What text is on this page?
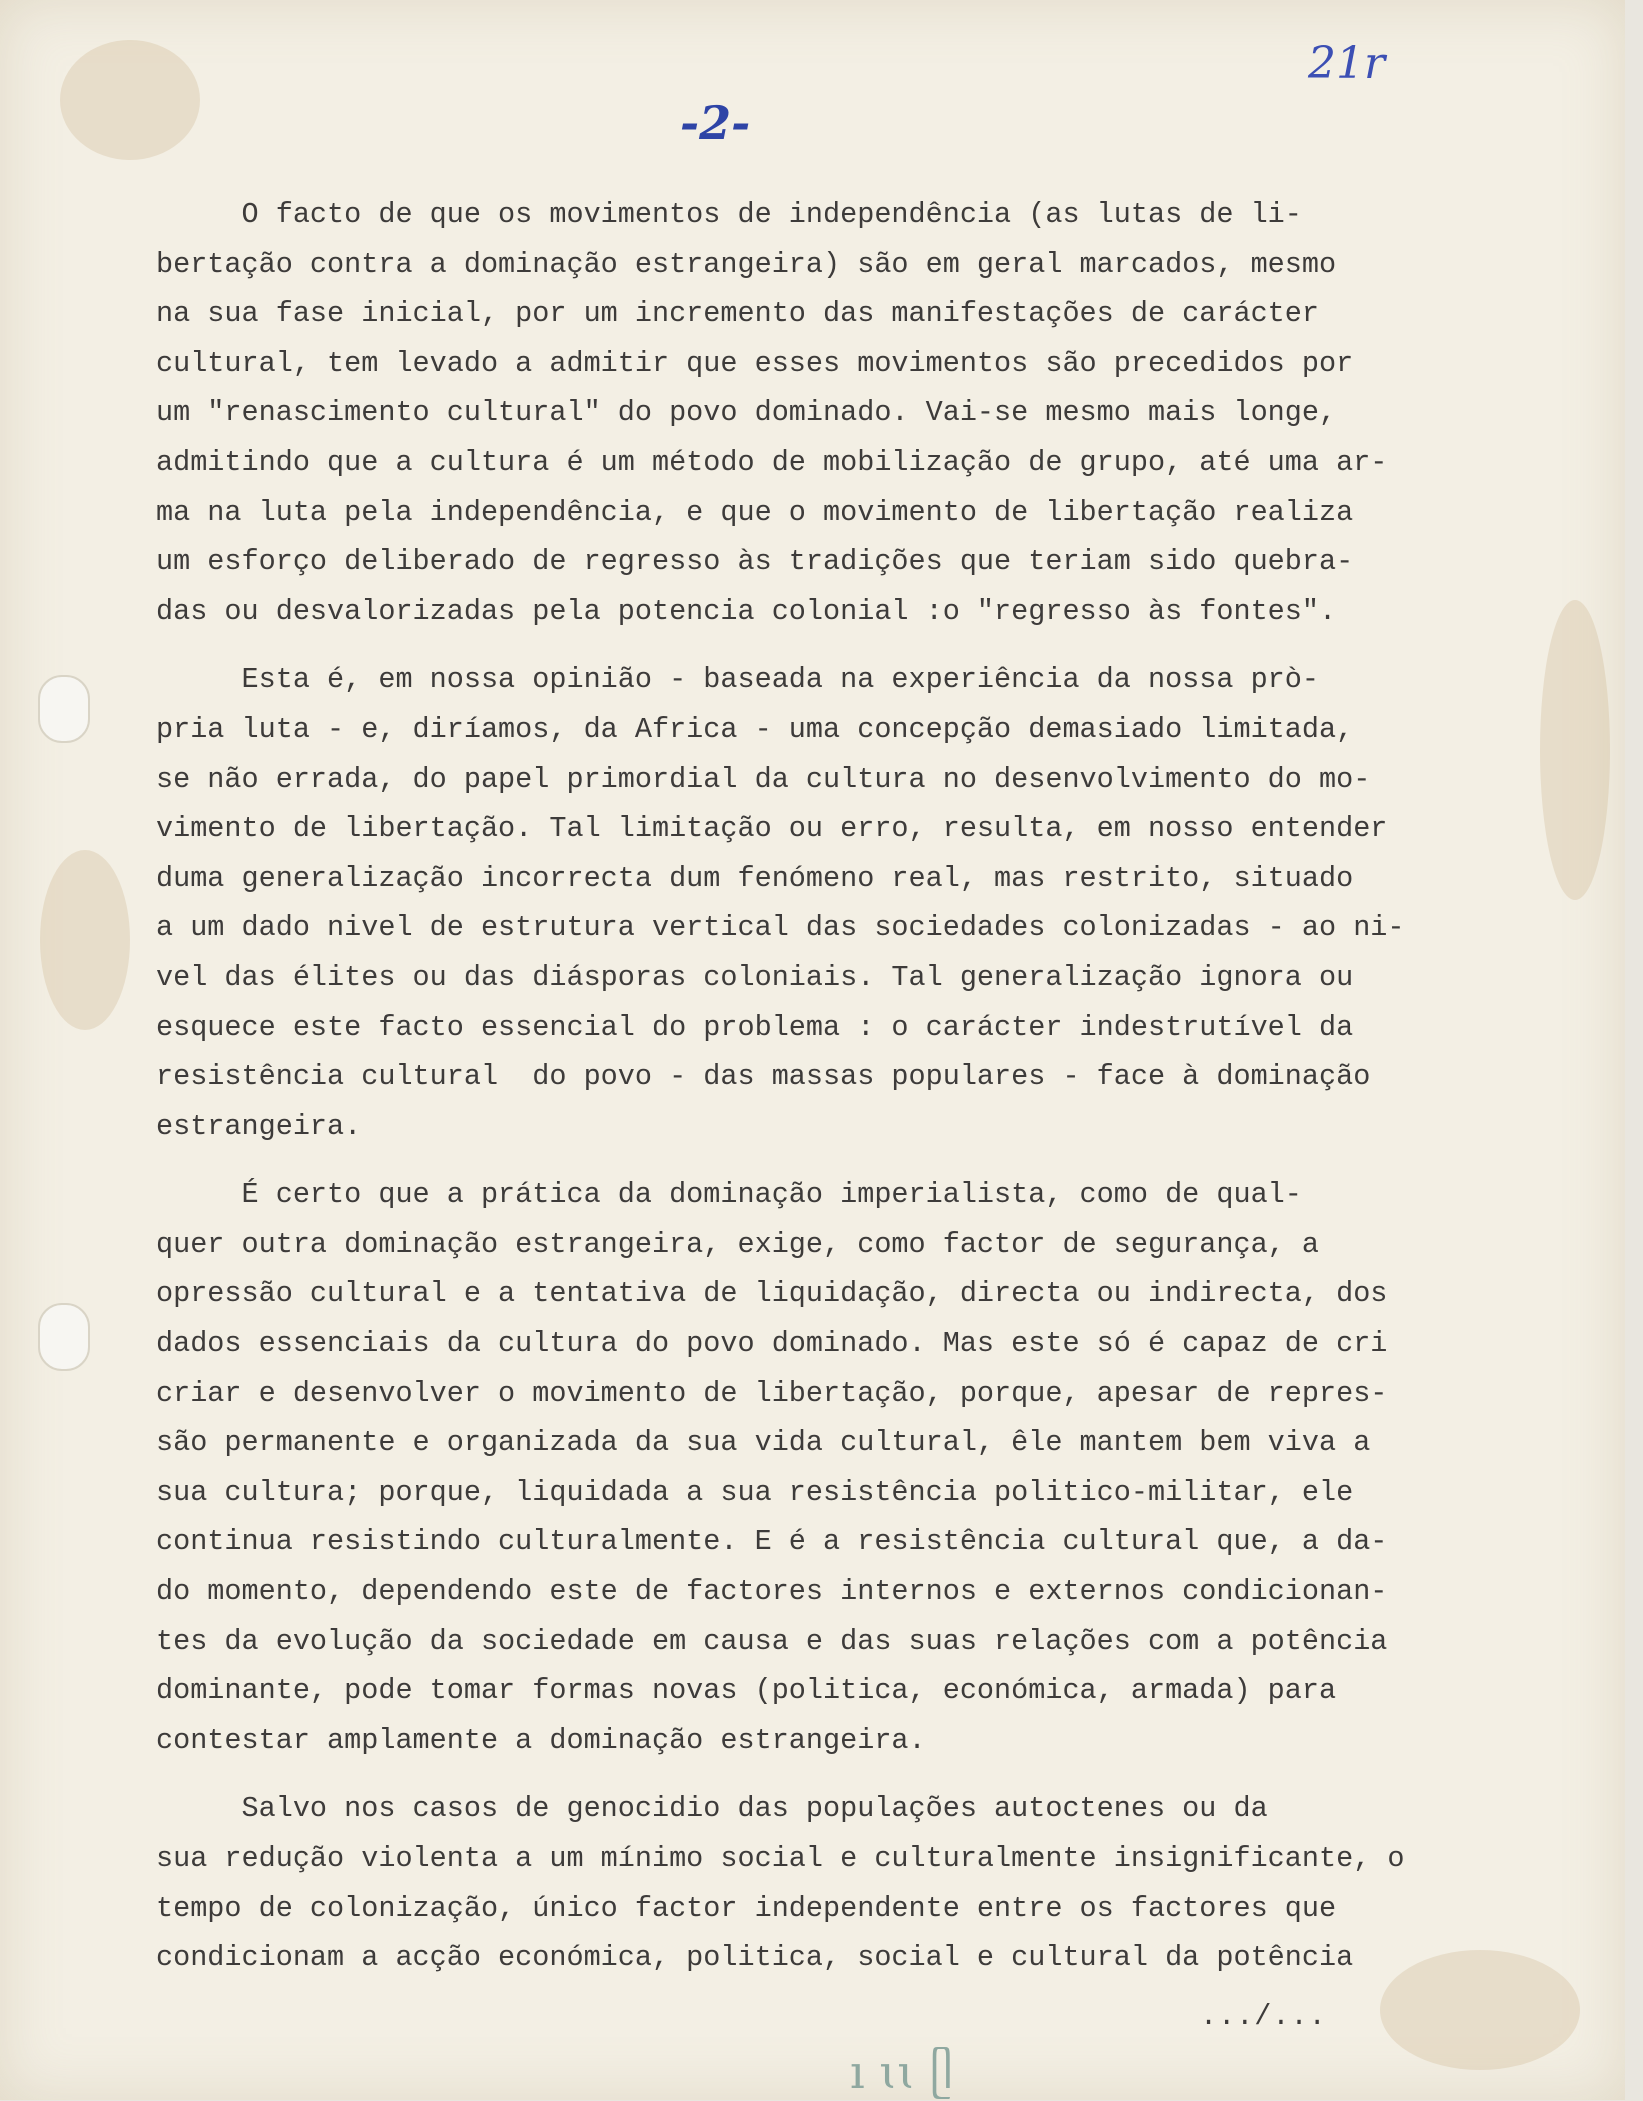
21r
-2-
O facto de que os movimentos de independência (as lutas de li-
bertação contra a dominação estrangeira) são em geral marcados, mesmo
na sua fase inicial, por um incremento das manifestações de carácter
cultural, tem levado a admitir que esses movimentos são precedidos por
um "renascimento cultural" do povo dominado. Vai-se mesmo mais longe,
admitindo que a cultura é um método de mobilização de grupo, até uma ar-
ma na luta pela independência, e que o movimento de libertação realiza
um esforço deliberado de regresso às tradições que teriam sido quebra-
das ou desvalorizadas pela potencia colonial :o "regresso às fontes".
Esta é, em nossa opinião - baseada na experiência da nossa prò-
pria luta - e, diríamos, da Africa - uma concepção demasiado limitada,
se não errada, do papel primordial da cultura no desenvolvimento do mo-
vimento de libertação. Tal limitação ou erro, resulta, em nosso entender
duma generalização incorrecta dum fenómeno real, mas restrito, situado
a um dado nivel de estrutura vertical das sociedades colonizadas - ao ni-
vel das élites ou das diásporas coloniais. Tal generalização ignora ou
esquece este facto essencial do problema : o carácter indestrutível da
resistência cultural  do povo - das massas populares - face à dominação
estrangeira.
É certo que a prática da dominação imperialista, como de qual-
quer outra dominação estrangeira, exige, como factor de segurança, a
opressão cultural e a tentativa de liquidação, directa ou indirecta, dos
dados essenciais da cultura do povo dominado. Mas este só é capaz de cri
criar e desenvolver o movimento de libertação, porque, apesar de repres-
são permanente e organizada da sua vida cultural, êle mantem bem viva a
sua cultura; porque, liquidada a sua resistência politico-militar, ele
continua resistindo culturalmente. E é a resistência cultural que, a da-
do momento, dependendo este de factores internos e externos condicionan-
tes da evolução da sociedade em causa e das suas relações com a potência
dominante, pode tomar formas novas (politica, económica, armada) para
contestar amplamente a dominação estrangeira.
Salvo nos casos de genocidio das populações autoctenes ou da
sua redução violenta a um mínimo social e culturalmente insignificante, o
tempo de colonização, único factor independente entre os factores que
condicionam a acção económica, politica, social e cultural da potência
.../...
ı ɩɩ ᥫ
